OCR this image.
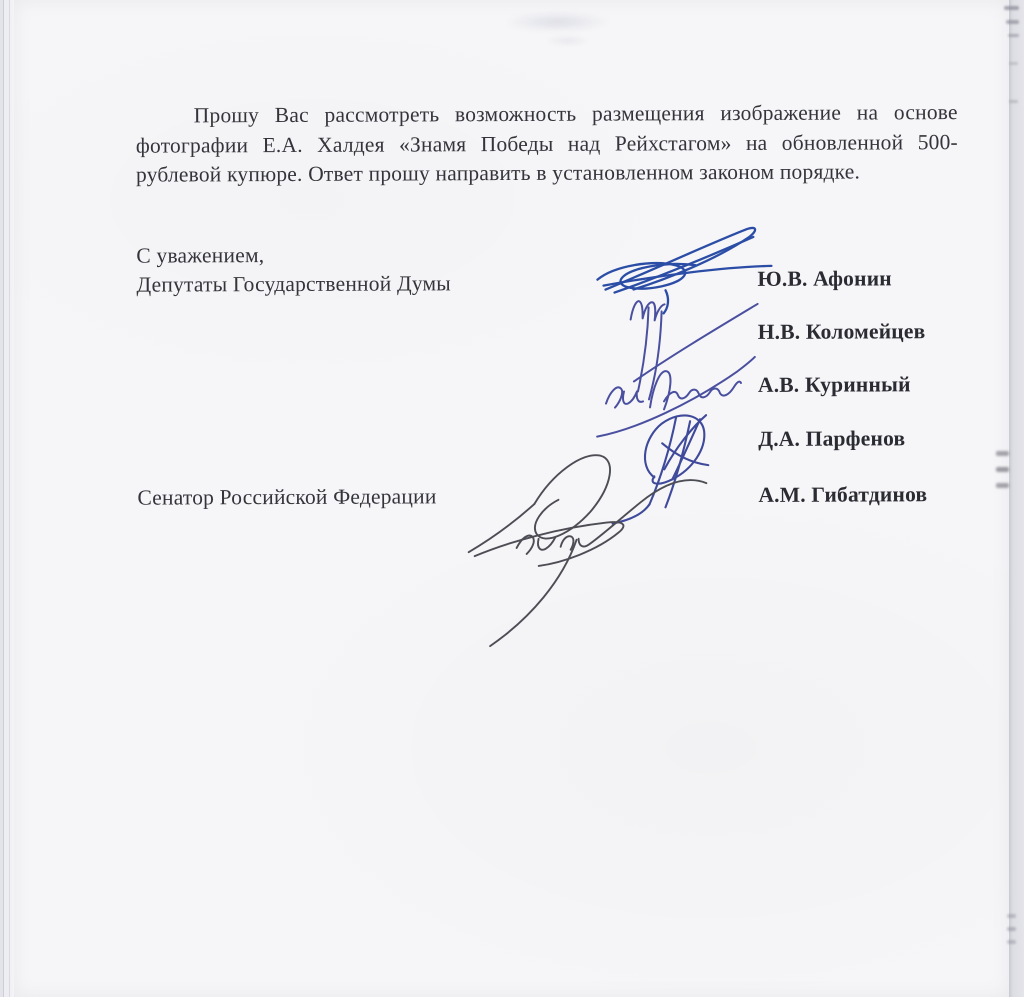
Прошу Вас рассмотреть возможность размещения изображение на основе
фотографии Е.А. Халдея «Знамя Победы над Рейхстагом» на обновленной 500-
рублевой купюре. Ответ прошу направить в установленном законом порядке.
С уважением,
Депутаты Государственной Думы
Сенатор Российской Федерации
Ю.В. Афонин
Н.В. Коломейцев
А.В. Куринный
Д.А. Парфенов
А.М. Гибатдинов
